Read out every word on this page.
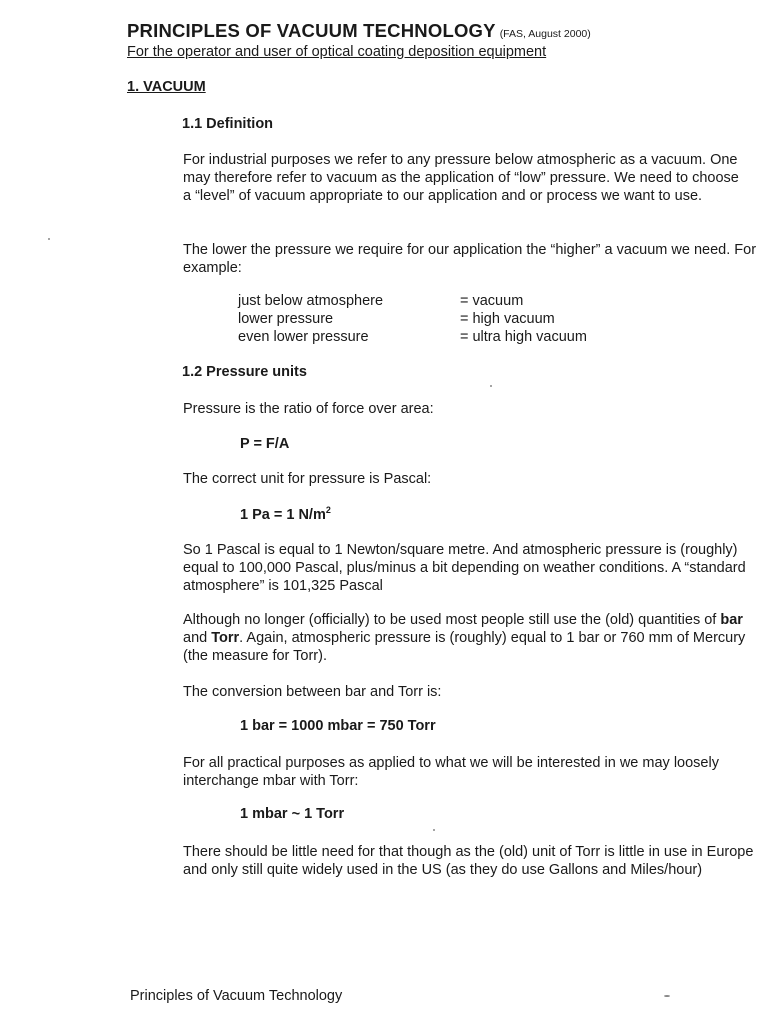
PRINCIPLES OF VACUUM TECHNOLOGY (FAS, August 2000)
For the operator and user of optical coating deposition equipment
1. VACUUM
1.1 Definition
For industrial purposes we refer to any pressure below atmospheric as a vacuum. One may therefore refer to vacuum as the application of “low” pressure. We need to choose a “level” of vacuum appropriate to our application and or process we want to use.
The lower the pressure we require for our application the “higher” a vacuum we need. For example:
just below atmosphere	= vacuum
lower pressure	= high vacuum
even lower pressure	= ultra high vacuum
1.2 Pressure units
Pressure is the ratio of force over area:
P = F/A
The correct unit for pressure is Pascal:
1 Pa = 1 $N/m^2$
So 1 Pascal is equal to 1 Newton/square metre. And atmospheric pressure is (roughly) equal to 100,000 Pascal, plus/minus a bit depending on weather conditions. A “standard atmosphere” is 101,325 Pascal
Although no longer (officially) to be used most people still use the (old) quantities of bar and Torr. Again, atmospheric pressure is (roughly) equal to 1 bar or 760 mm of Mercury (the measure for Torr).
The conversion between bar and Torr is:
1 bar = 1000 mbar = 750 Torr
For all practical purposes as applied to what we will be interested in we may loosely interchange mbar with Torr:
1 mbar ~ 1 Torr
There should be little need for that though as the (old) unit of Torr is little in use in Europe and only still quite widely used in the US (as they do use Gallons and Miles/hour)
Principles of Vacuum Technology
